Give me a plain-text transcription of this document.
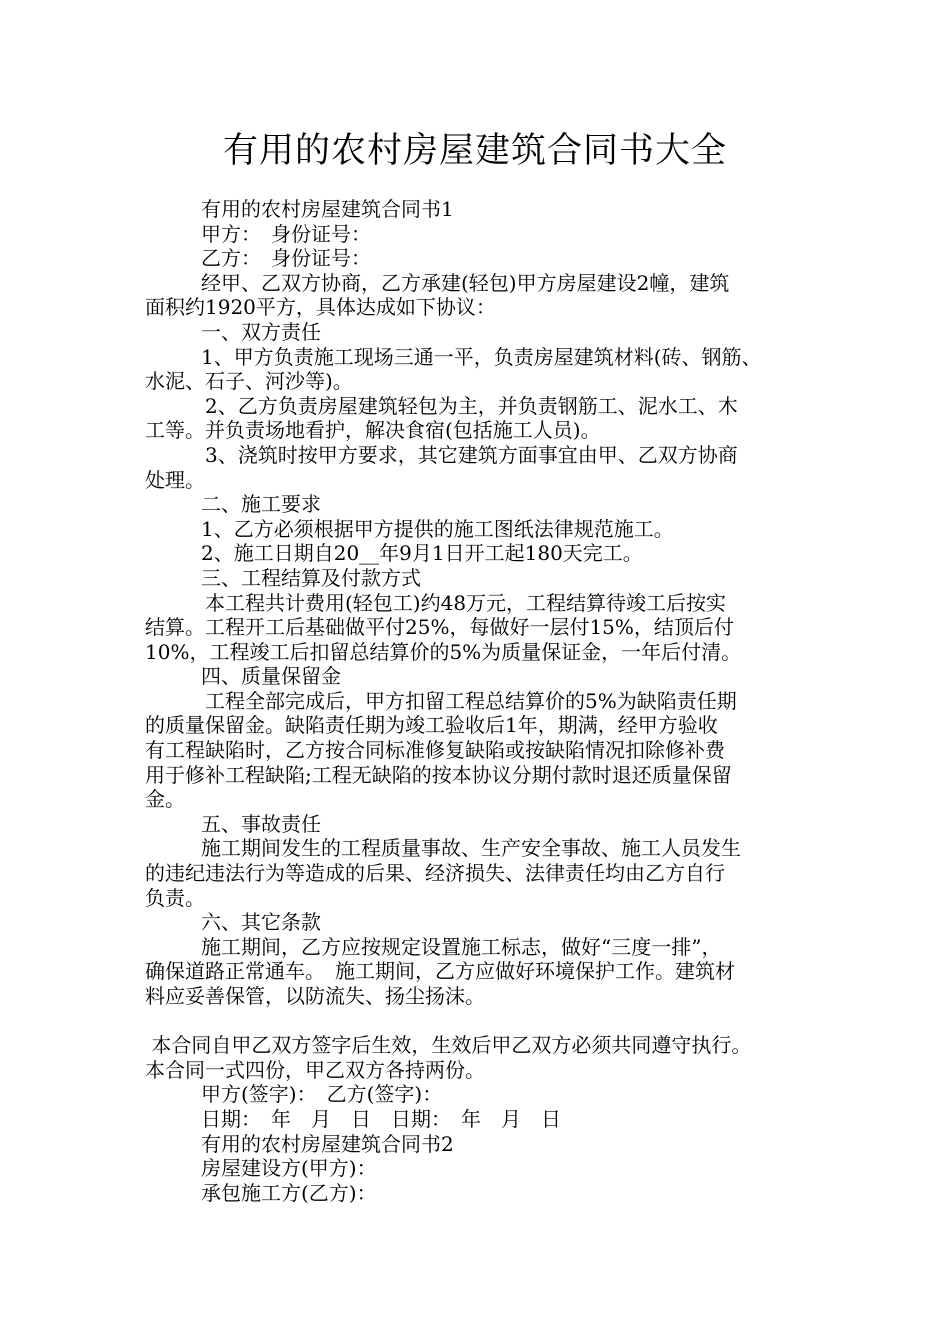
有用的农村房屋建筑合同书大全
有用的农村房屋建筑合同书1
甲方：　身份证号：
乙方：　身份证号：
经甲、乙双方协商，乙方承建(轻包)甲方房屋建设2幢，建筑
面积约1920平方，具体达成如下协议：
一、双方责任
1、甲方负责施工现场三通一平，负责房屋建筑材料(砖、钢筋、
水泥、石子、河沙等)。
2、乙方负责房屋建筑轻包为主，并负责钢筋工、泥水工、木
工等。并负责场地看护，解决食宿(包括施工人员)。
3、浇筑时按甲方要求，其它建筑方面事宜由甲、乙双方协商
处理。
二、施工要求
1、乙方必须根据甲方提供的施工图纸法律规范施工。
2、施工日期自20__年9月1日开工起180天完工。
三、工程结算及付款方式
本工程共计费用(轻包工)约48万元，工程结算待竣工后按实
结算。工程开工后基础做平付25%，每做好一层付15%，结顶后付
10%，工程竣工后扣留总结算价的5%为质量保证金，一年后付清。
四、质量保留金
工程全部完成后，甲方扣留工程总结算价的5%为缺陷责任期
的质量保留金。缺陷责任期为竣工验收后1年，期满，经甲方验收
有工程缺陷时，乙方按合同标准修复缺陷或按缺陷情况扣除修补费
用于修补工程缺陷;工程无缺陷的按本协议分期付款时退还质量保留
金。
五、事故责任
施工期间发生的工程质量事故、生产安全事故、施工人员发生
的违纪违法行为等造成的后果、经济损失、法律责任均由乙方自行
负责。
六、其它条款
施工期间，乙方应按规定设置施工标志，做好“三度一排”，
确保道路正常通车。　施工期间，乙方应做好环境保护工作。建筑材
料应妥善保管，以防流失、扬尘扬沫。
本合同自甲乙双方签字后生效，生效后甲乙双方必须共同遵守执行。
本合同一式四份，甲乙双方各持两份。
甲方(签字)：　乙方(签字)：
日期：　年　月　日　日期：　年　月　日
有用的农村房屋建筑合同书2
房屋建设方(甲方)：
承包施工方(乙方)：
